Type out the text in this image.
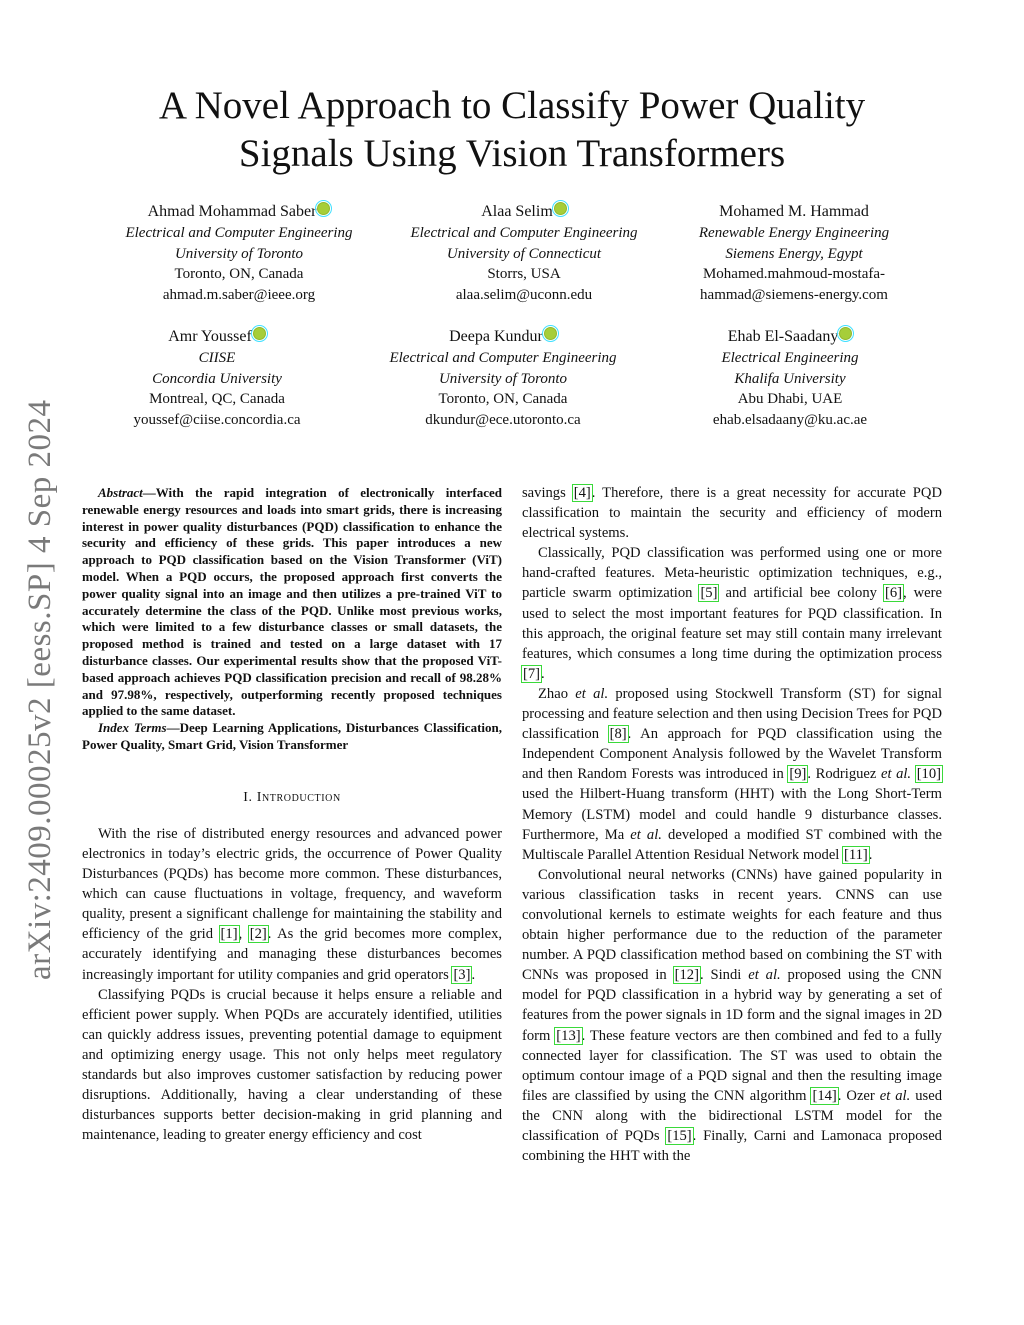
arXiv:2409.00025v2 [eess.SP] 4 Sep 2024
A Novel Approach to Classify Power Quality
Signals Using Vision Transformers
Ahmad Mohammad Saber
Electrical and Computer Engineering
University of Toronto
Toronto, ON, Canada
ahmad.m.saber@ieee.org
Alaa Selim
Electrical and Computer Engineering
University of Connecticut
Storrs, USA
alaa.selim@uconn.edu
Mohamed M. Hammad
Renewable Energy Engineering
Siemens Energy, Egypt
Mohamed.mahmoud-mostafa-
hammad@siemens-energy.com
Amr Youssef
CIISE
Concordia University
Montreal, QC, Canada
youssef@ciise.concordia.ca
Deepa Kundur
Electrical and Computer Engineering
University of Toronto
Toronto, ON, Canada
dkundur@ece.utoronto.ca
Ehab El-Saadany
Electrical Engineering
Khalifa University
Abu Dhabi, UAE
ehab.elsadaany@ku.ac.ae

Abstract—With the rapid integration of electronically interfaced renewable energy resources and loads into smart grids, there is increasing interest in power quality disturbances (PQD) classification to enhance the security and efficiency of these grids. This paper introduces a new approach to PQD classification based on the Vision Transformer (ViT) model. When a PQD occurs, the proposed approach first converts the power quality signal into an image and then utilizes a pre-trained ViT to accurately determine the class of the PQD. Unlike most previous works, which were limited to a few disturbance classes or small datasets, the proposed method is trained and tested on a large dataset with 17 disturbance classes. Our experimental results show that the proposed ViT-based approach achieves PQD classification precision and recall of 98.28% and 97.98%, respectively, outperforming recently proposed techniques applied to the same dataset.

Index Terms—Deep Learning Applications, Disturbances Classification, Power Quality, Smart Grid, Vision Transformer

I. Introduction

With the rise of distributed energy resources and advanced power electronics in today’s electric grids, the occurrence of Power Quality Disturbances (PQDs) has become more common. These disturbances, which can cause fluctuations in voltage, frequency, and waveform quality, present a significant challenge for maintaining the stability and efficiency of the grid [1], [2]. As the grid becomes more complex, accurately identifying and managing these disturbances becomes increasingly important for utility companies and grid operators [3].

Classifying PQDs is crucial because it helps ensure a reliable and efficient power supply. When PQDs are accurately identified, utilities can quickly address issues, preventing potential damage to equipment and optimizing energy usage. This not only helps meet regulatory standards but also improves customer satisfaction by reducing power disruptions. Additionally, having a clear understanding of these disturbances supports better decision-making in grid planning and maintenance, leading to greater energy efficiency and cost

savings [4]. Therefore, there is a great necessity for accurate PQD classification to maintain the security and efficiency of modern electrical systems.

Classically, PQD classification was performed using one or more hand-crafted features. Meta-heuristic optimization techniques, e.g., particle swarm optimization [5] and artificial bee colony [6], were used to select the most important features for PQD classification. In this approach, the original feature set may still contain many irrelevant features, which consumes a long time during the optimization process [7].

Zhao et al. proposed using Stockwell Transform (ST) for signal processing and feature selection and then using Decision Trees for PQD classification [8]. An approach for PQD classification using the Independent Component Analysis followed by the Wavelet Transform and then Random Forests was introduced in [9]. Rodriguez et al. [10] used the Hilbert-Huang transform (HHT) with the Long Short-Term Memory (LSTM) model and could handle 9 disturbance classes. Furthermore, Ma et al. developed a modified ST combined with the Multiscale Parallel Attention Residual Network model [11].

Convolutional neural networks (CNNs) have gained popularity in various classification tasks in recent years. CNNS can use convolutional kernels to estimate weights for each feature and thus obtain higher performance due to the reduction of the parameter number. A PQD classification method based on combining the ST with CNNs was proposed in [12]. Sindi et al. proposed using the CNN model for PQD classification in a hybrid way by generating a set of features from the power signals in 1D form and the signal images in 2D form [13]. These feature vectors are then combined and fed to a fully connected layer for classification. The ST was used to obtain the optimum contour image of a PQD signal and then the resulting image files are classified by using the CNN algorithm [14]. Ozer et al. used the CNN along with the bidirectional LSTM model for the classification of PQDs [15]. Finally, Carni and Lamonaca proposed combining the HHT with the
